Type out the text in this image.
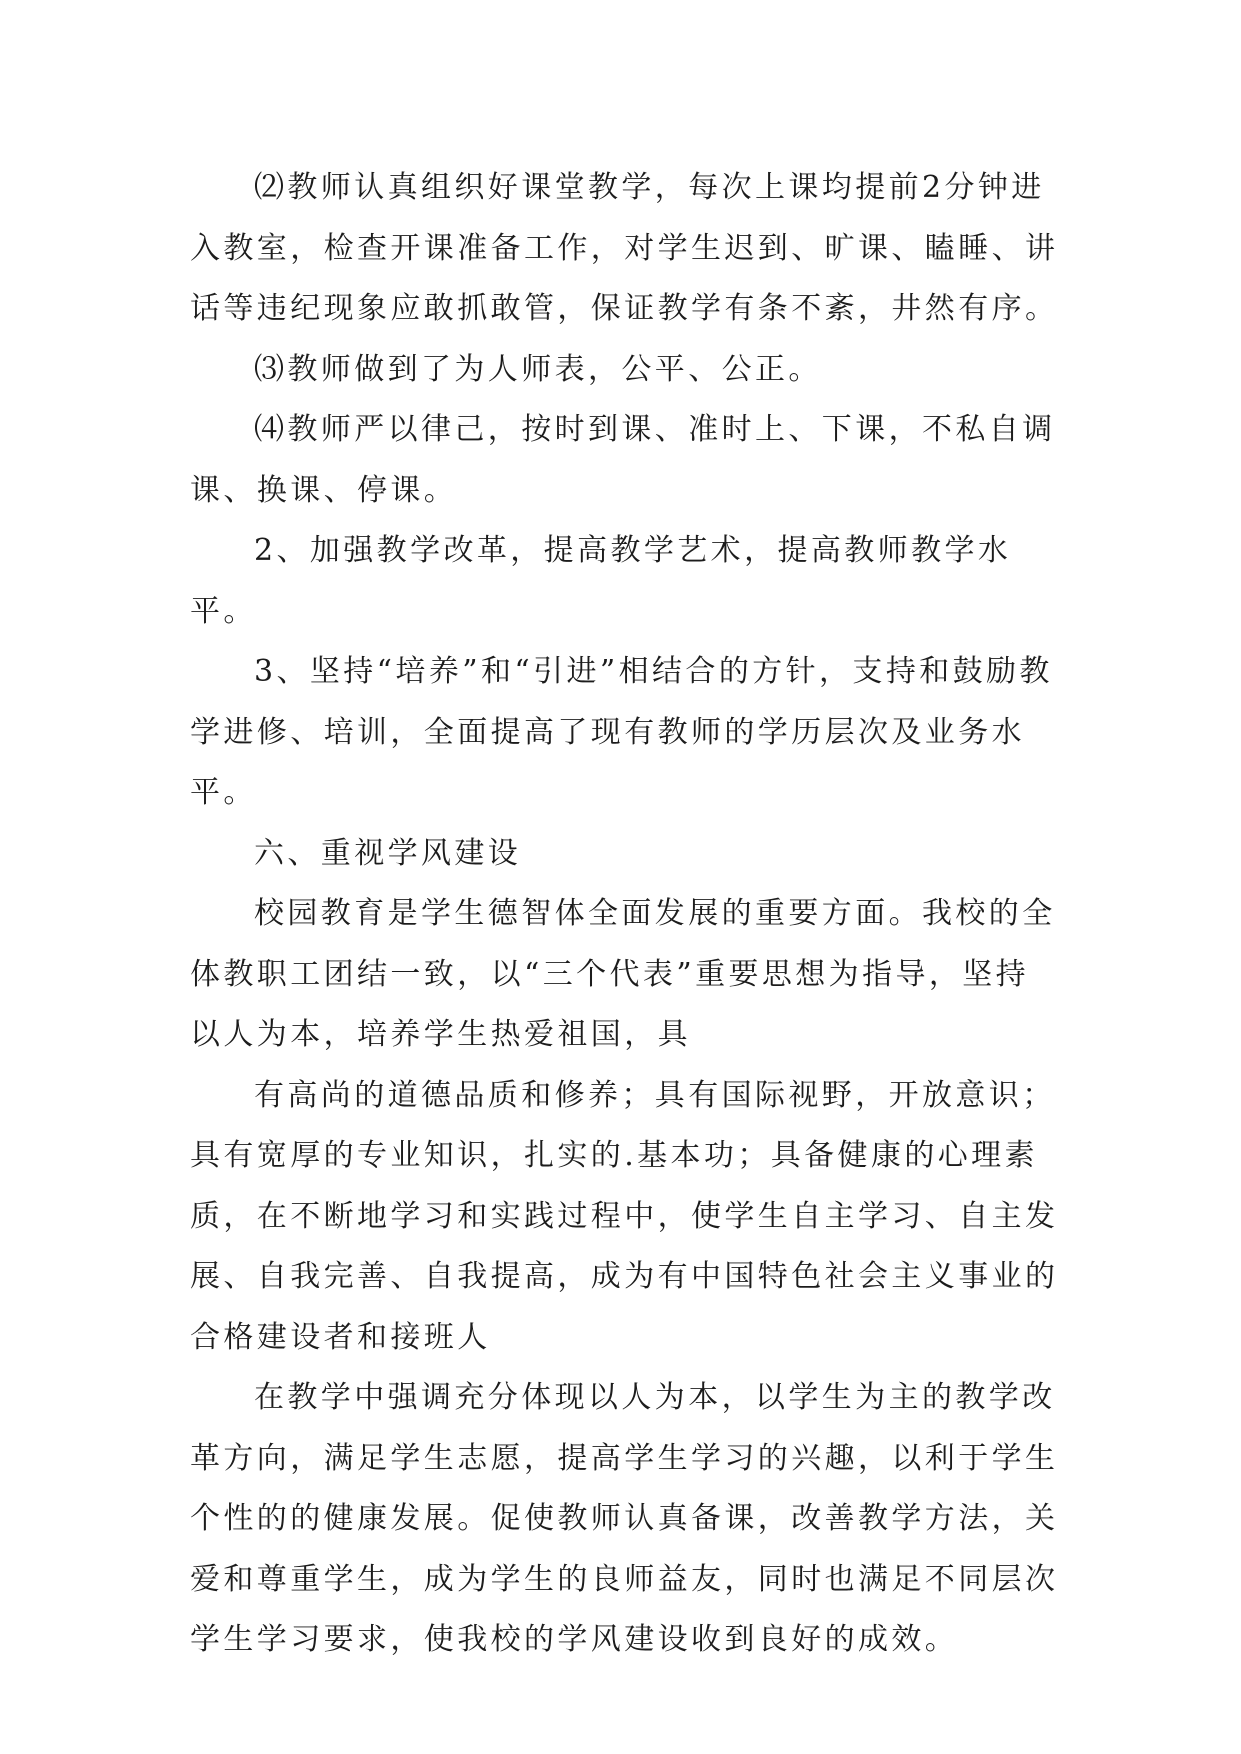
⑵教师认真组织好课堂教学，每次上课均提前2分钟进入教室，检查开课准备工作，对学生迟到、旷课、瞌睡、讲话等违纪现象应敢抓敢管，保证教学有条不紊，井然有序。

⑶教师做到了为人师表，公平、公正。

⑷教师严以律己，按时到课、准时上、下课，不私自调课、换课、停课。

2、加强教学改革，提高教学艺术，提高教师教学水平。

3、坚持“培养”和“引进”相结合的方针，支持和鼓励教学进修、培训，全面提高了现有教师的学历层次及业务水平。

六、重视学风建设

校园教育是学生德智体全面发展的重要方面。我校的全体教职工团结一致，以“三个代表”重要思想为指导，坚持以人为本，培养学生热爱祖国，具

有高尚的道德品质和修养；具有国际视野，开放意识；具有宽厚的专业知识，扎实的.基本功；具备健康的心理素质，在不断地学习和实践过程中，使学生自主学习、自主发展、自我完善、自我提高，成为有中国特色社会主义事业的合格建设者和接班人

在教学中强调充分体现以人为本，以学生为主的教学改革方向，满足学生志愿，提高学生学习的兴趣，以利于学生个性的的健康发展。促使教师认真备课，改善教学方法，关爱和尊重学生，成为学生的良师益友，同时也满足不同层次学生学习要求，使我校的学风建设收到良好的成效。
